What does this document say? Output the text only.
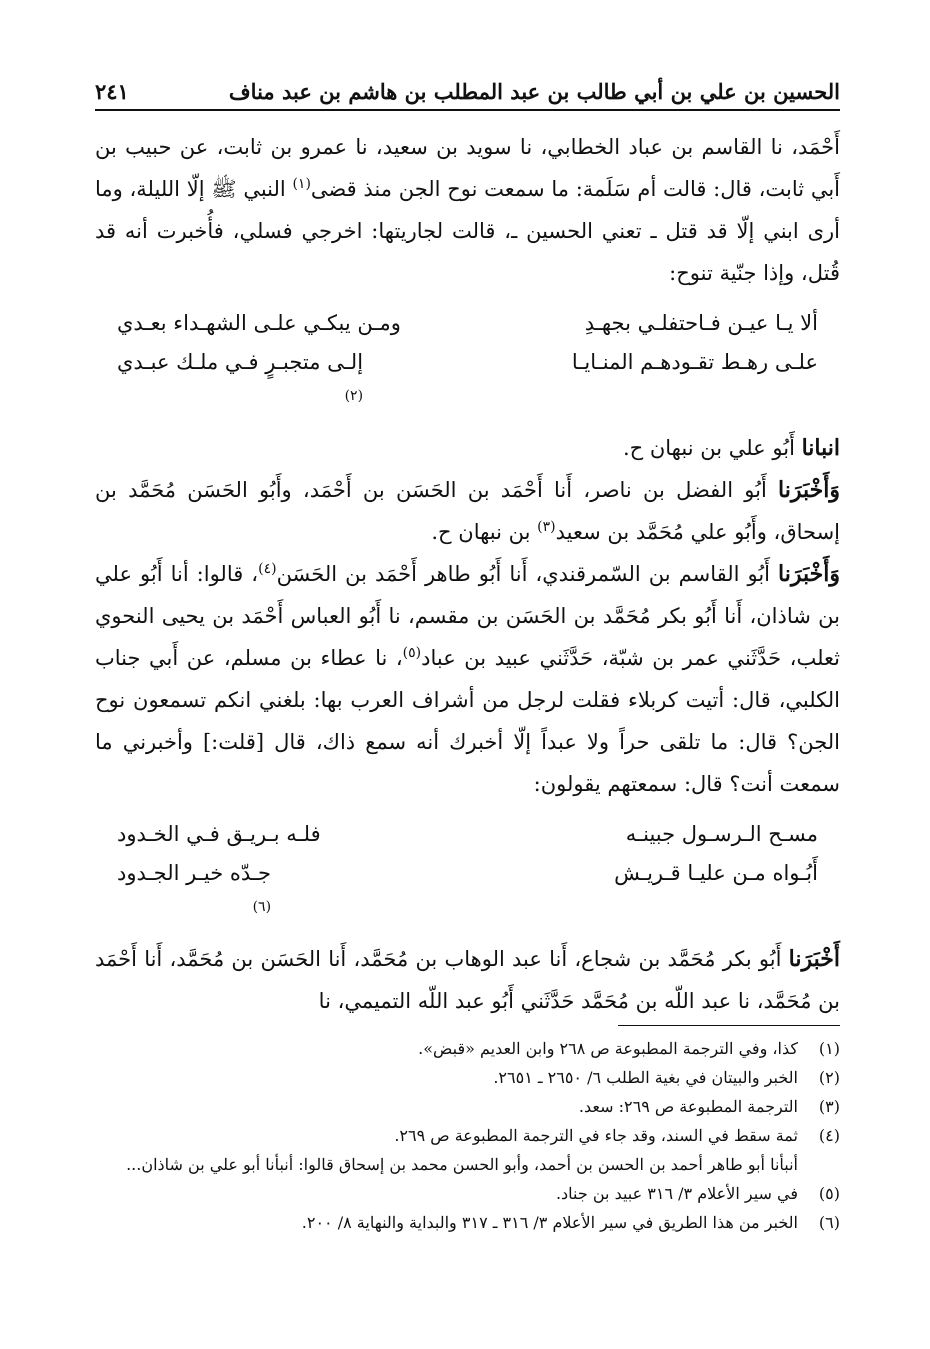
الحسين بن علي بن أبي طالب بن عبد المطلب بن هاشم بن عبد مناف
٢٤١

أَحْمَد، نا القاسم بن عباد الخطابي، نا سويد بن سعيد، نا عمرو بن ثابت، عن حبيب بن أَبي ثابت، قال: قالت أم سَلَمة: ما سمعت نوح الجن منذ قضى$^{(١)}$ النبي ﷺ إلّا الليلة، وما أرى ابني إلّا قد قتل ـ تعني الحسين ـ، قالت لجاريتها: اخرجي فسلي، فأُخبرت أنه قد قُتل، وإذا جنّية تنوح:

ألا يـا عيـن فـاحتفلـي بجهـدِ
ومـن يبكـي علـى الشهـداء بعـدي
علـى رهـط تقـودهـم المنـايـا
إلـى متجبـرٍ فـي ملـك عبـدي
$^{(٢)}$

انبانا أَبُو علي بن نبهان ح.

وَأَخْبَرَنا أَبُو الفضل بن ناصر، أَنا أَحْمَد بن الحَسَن بن أَحْمَد، وأَبُو الحَسَن مُحَمَّد بن إسحاق، وأَبُو علي مُحَمَّد بن سعيد$^{(٣)}$ بن نبهان ح.

وَأَخْبَرَنا أَبُو القاسم بن السّمرقندي، أَنا أَبُو طاهر أَحْمَد بن الحَسَن$^{(٤)}$، قالوا: أنا أَبُو علي بن شاذان، أَنا أَبُو بكر مُحَمَّد بن الحَسَن بن مقسم، نا أَبُو العباس أَحْمَد بن يحيى النحوي ثعلب، حَدَّثَني عمر بن شبّة، حَدَّثَني عبيد بن عباد$^{(٥)}$، نا عطاء بن مسلم، عن أَبي جناب الكلبي، قال: أتيت كربلاء فقلت لرجل من أشراف العرب بها: بلغني انكم تسمعون نوح الجن؟ قال: ما تلقى حراً ولا عبداً إلّا أخبرك أنه سمع ذاك، قال [قلت:] وأخبرني ما سمعت أنت؟ قال: سمعتهم يقولون:

مسـح الـرسـول جبينـه
فلـه بـريـق فـي الخـدود
أَبُـواه مـن عليـا قـريـش
جـدّه خيـر الجـدود
$^{(٦)}$

أَخْبَرَنا أَبُو بكر مُحَمَّد بن شجاع، أَنا عبد الوهاب بن مُحَمَّد، أَنا الحَسَن بن مُحَمَّد، أَنا أَحْمَد بن مُحَمَّد، نا عبد اللّه بن مُحَمَّد حَدَّثَني أَبُو عبد اللّه التميمي، نا

(١)
كذا، وفي الترجمة المطبوعة ص ٢٦٨ وابن العديم «قبض».

(٢)
الخبر والبيتان في بغية الطلب ٦/ ٢٦٥٠ ـ ٢٦٥١.

(٣)
الترجمة المطبوعة ص ٢٦٩: سعد.

(٤)
ثمة سقط في السند، وقد جاء في الترجمة المطبوعة ص ٢٦٩.

أنبأنا أبو طاهر أحمد بن الحسن بن أحمد، وأبو الحسن محمد بن إسحاق قالوا: أنبأنا أبو علي بن شاذان...

(٥)
في سير الأعلام ٣/ ٣١٦ عبيد بن جناد.

(٦)
الخبر من هذا الطريق في سير الأعلام ٣/ ٣١٦ ـ ٣١٧ والبداية والنهاية ٨/ ٢٠٠.
